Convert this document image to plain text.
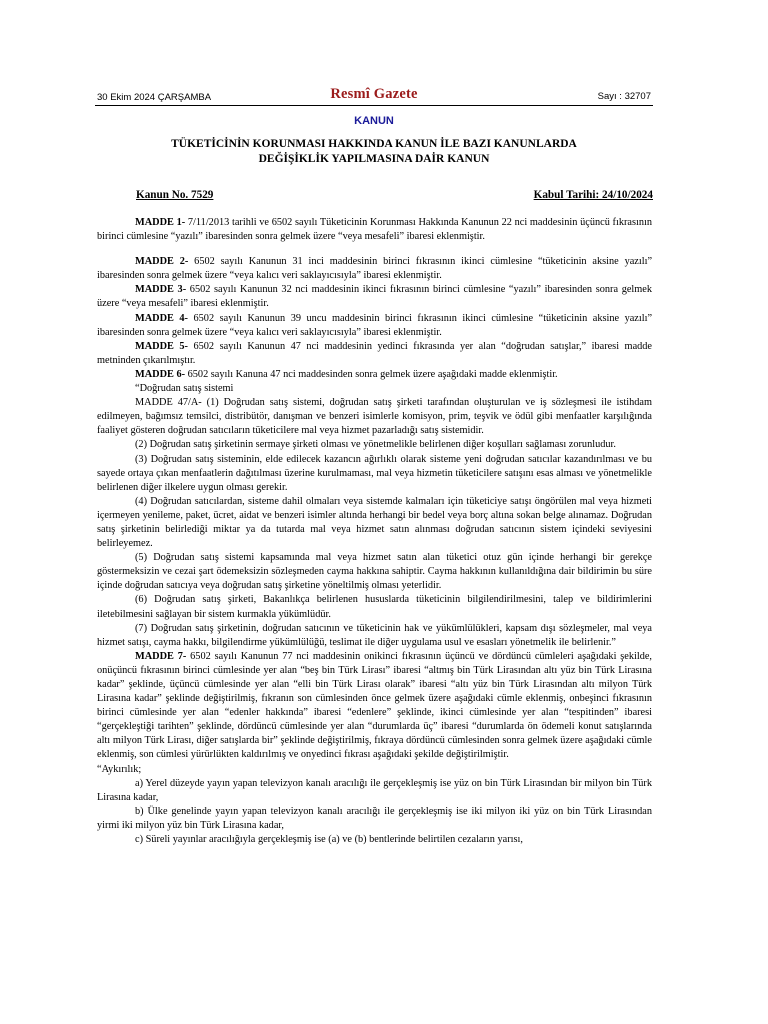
30 Ekim 2024 ÇARŞAMBA	Resmî Gazete	Sayı : 32707
KANUN
TÜKETİCİNİN KORUNMASI HAKKINDA KANUN İLE BAZI KANUNLARDA
DEĞİŞİKLİK YAPILMASINA DAİR KANUN
Kanun No. 7529	Kabul Tarihi: 24/10/2024

MADDE 1- 7/11/2013 tarihli ve 6502 sayılı Tüketicinin Korunması Hakkında Kanunun 22 nci maddesinin üçüncü fıkrasının birinci cümlesine “yazılı” ibaresinden sonra gelmek üzere “veya mesafeli” ibaresi eklenmiştir.

MADDE 2- 6502 sayılı Kanunun 31 inci maddesinin birinci fıkrasının ikinci cümlesine “tüketicinin aksine yazılı” ibaresinden sonra gelmek üzere “veya kalıcı veri saklayıcısıyla” ibaresi eklenmiştir.

MADDE 3- 6502 sayılı Kanunun 32 nci maddesinin ikinci fıkrasının birinci cümlesine “yazılı” ibaresinden sonra gelmek üzere “veya mesafeli” ibaresi eklenmiştir.

MADDE 4- 6502 sayılı Kanunun 39 uncu maddesinin birinci fıkrasının ikinci cümlesine “tüketicinin aksine yazılı” ibaresinden sonra gelmek üzere “veya kalıcı veri saklayıcısıyla” ibaresi eklenmiştir.

MADDE 5- 6502 sayılı Kanunun 47 nci maddesinin yedinci fıkrasında yer alan “doğrudan satışlar,” ibaresi madde metninden çıkarılmıştır.

MADDE 6- 6502 sayılı Kanuna 47 nci maddesinden sonra gelmek üzere aşağıdaki madde eklenmiştir.

“Doğrudan satış sistemi

MADDE 47/A- (1) Doğrudan satış sistemi, doğrudan satış şirketi tarafından oluşturulan ve iş sözleşmesi ile istihdam edilmeyen, bağımsız temsilci, distribütör, danışman ve benzeri isimlerle komisyon, prim, teşvik ve ödül gibi menfaatler karşılığında faaliyet gösteren doğrudan satıcıların tüketicilere mal veya hizmet pazarladığı satış sistemidir.

(2) Doğrudan satış şirketinin sermaye şirketi olması ve yönetmelikle belirlenen diğer koşulları sağlaması zorunludur.

(3) Doğrudan satış sisteminin, elde edilecek kazancın ağırlıklı olarak sisteme yeni doğrudan satıcılar kazandırılması ve bu sayede ortaya çıkan menfaatlerin dağıtılması üzerine kurulmaması, mal veya hizmetin tüketicilere satışını esas alması ve yönetmelikle belirlenen diğer ilkelere uygun olması gerekir.

(4) Doğrudan satıcılardan, sisteme dahil olmaları veya sistemde kalmaları için tüketiciye satışı öngörülen mal veya hizmeti içermeyen yenileme, paket, ücret, aidat ve benzeri isimler altında herhangi bir bedel veya borç altına sokan belge alınamaz. Doğrudan satış şirketinin belirlediği miktar ya da tutarda mal veya hizmet satın alınması doğrudan satıcının sistem içindeki seviyesini belirleyemez.

(5) Doğrudan satış sistemi kapsamında mal veya hizmet satın alan tüketici otuz gün içinde herhangi bir gerekçe göstermeksizin ve cezai şart ödemeksizin sözleşmeden cayma hakkına sahiptir. Cayma hakkının kullanıldığına dair bildirimin bu süre içinde doğrudan satıcıya veya doğrudan satış şirketine yöneltilmiş olması yeterlidir.

(6) Doğrudan satış şirketi, Bakanlıkça belirlenen hususlarda tüketicinin bilgilendirilmesini, talep ve bildirimlerini iletebilmesini sağlayan bir sistem kurmakla yükümlüdür.

(7) Doğrudan satış şirketinin, doğrudan satıcının ve tüketicinin hak ve yükümlülükleri, kapsam dışı sözleşmeler, mal veya hizmet satışı, cayma hakkı, bilgilendirme yükümlülüğü, teslimat ile diğer uygulama usul ve esasları yönetmelik ile belirlenir.”

MADDE 7- 6502 sayılı Kanunun 77 nci maddesinin onikinci fıkrasının üçüncü ve dördüncü cümleleri aşağıdaki şekilde, onüçüncü fıkrasının birinci cümlesinde yer alan “beş bin Türk Lirası” ibaresi “altmış bin Türk Lirasından altı yüz bin Türk Lirasına kadar” şeklinde, üçüncü cümlesinde yer alan “elli bin Türk Lirası olarak” ibaresi “altı yüz bin Türk Lirasından altı milyon Türk Lirasına kadar” şeklinde değiştirilmiş, fıkranın son cümlesinden önce gelmek üzere aşağıdaki cümle eklenmiş, onbeşinci fıkrasının birinci cümlesinde yer alan “edenler hakkında” ibaresi “edenlere” şeklinde, ikinci cümlesinde yer alan “tespitinden” ibaresi “gerçekleştiği tarihten” şeklinde, dördüncü cümlesinde yer alan “durumlarda üç” ibaresi “durumlarda ön ödemeli konut satışlarında altı milyon Türk Lirası, diğer satışlarda bir” şeklinde değiştirilmiş, fıkraya dördüncü cümlesinden sonra gelmek üzere aşağıdaki cümle eklenmiş, son cümlesi yürürlükten kaldırılmış ve onyedinci fıkrası aşağıdaki şekilde değiştirilmiştir.

“Aykırılık;

a) Yerel düzeyde yayın yapan televizyon kanalı aracılığı ile gerçekleşmiş ise yüz on bin Türk Lirasından bir milyon bin Türk Lirasına kadar,

b) Ülke genelinde yayın yapan televizyon kanalı aracılığı ile gerçekleşmiş ise iki milyon iki yüz on bin Türk Lirasından yirmi iki milyon yüz bin Türk Lirasına kadar,

c) Süreli yayınlar aracılığıyla gerçekleşmiş ise (a) ve (b) bentlerinde belirtilen cezaların yarısı,
